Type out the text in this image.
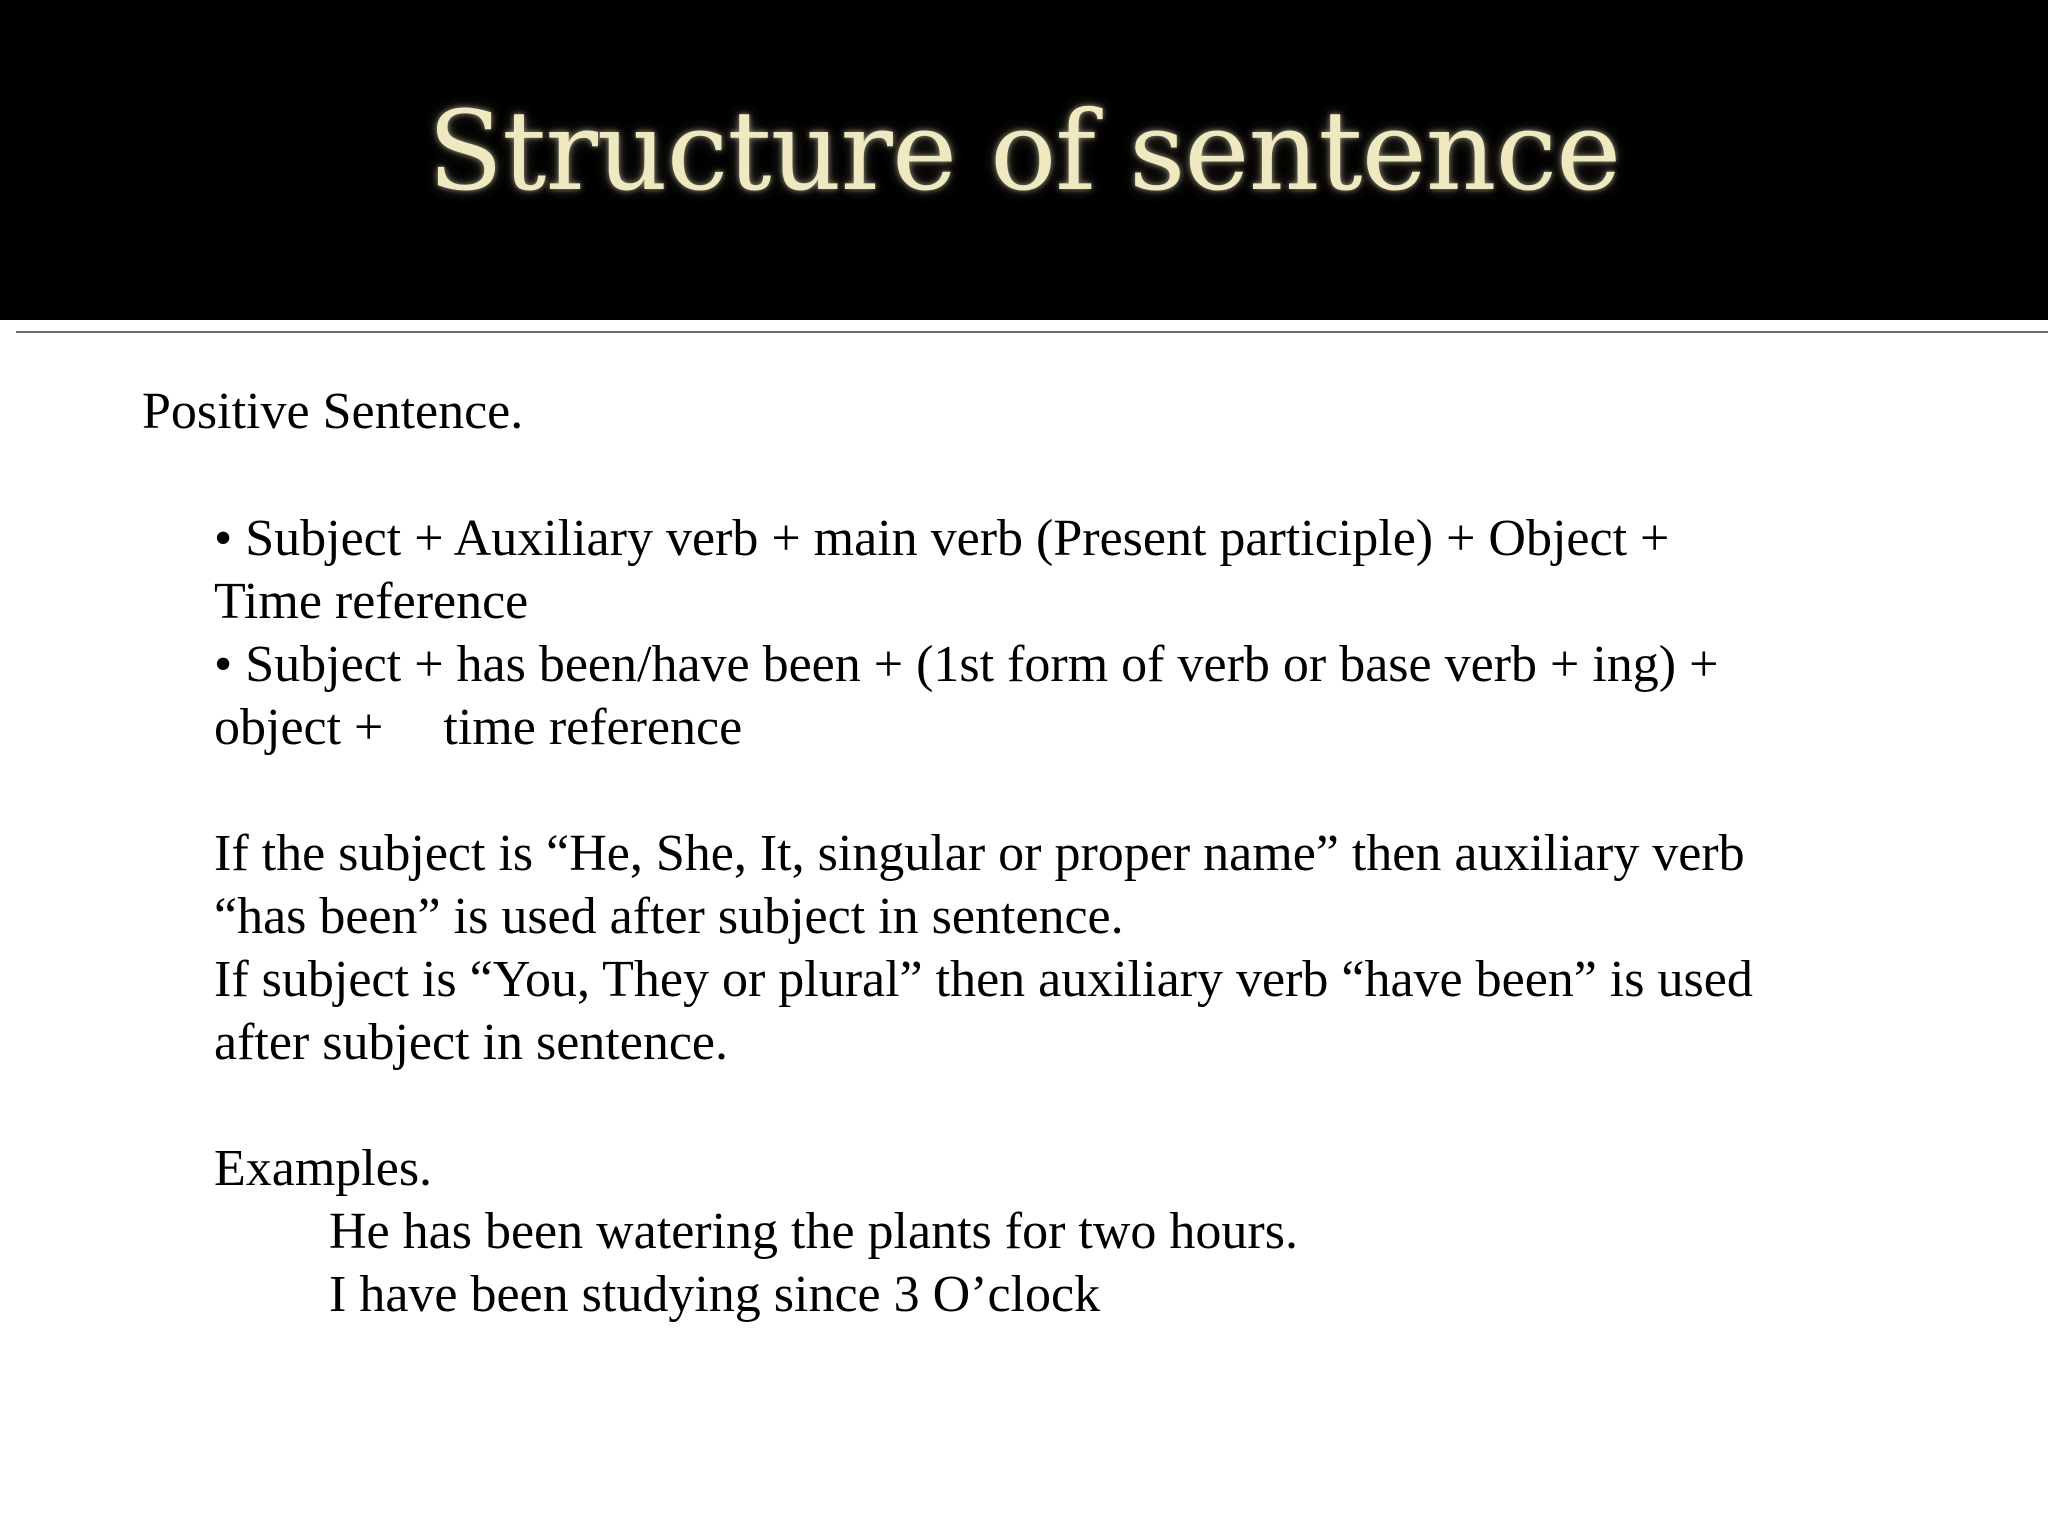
Structure of sentence
Positive Sentence.
• Subject + Auxiliary verb + main verb (Present participle) + Object +
Time reference
• Subject + has been/have been + (1st form of verb or base verb + ing) +
object + time reference
If the subject is “He, She, It, singular or proper name” then auxiliary verb
“has been” is used after subject in sentence.
If subject is “You, They or plural” then auxiliary verb “have been” is used
after subject in sentence.
Examples.
He has been watering the plants for two hours.
I have been studying since 3 O’clock
